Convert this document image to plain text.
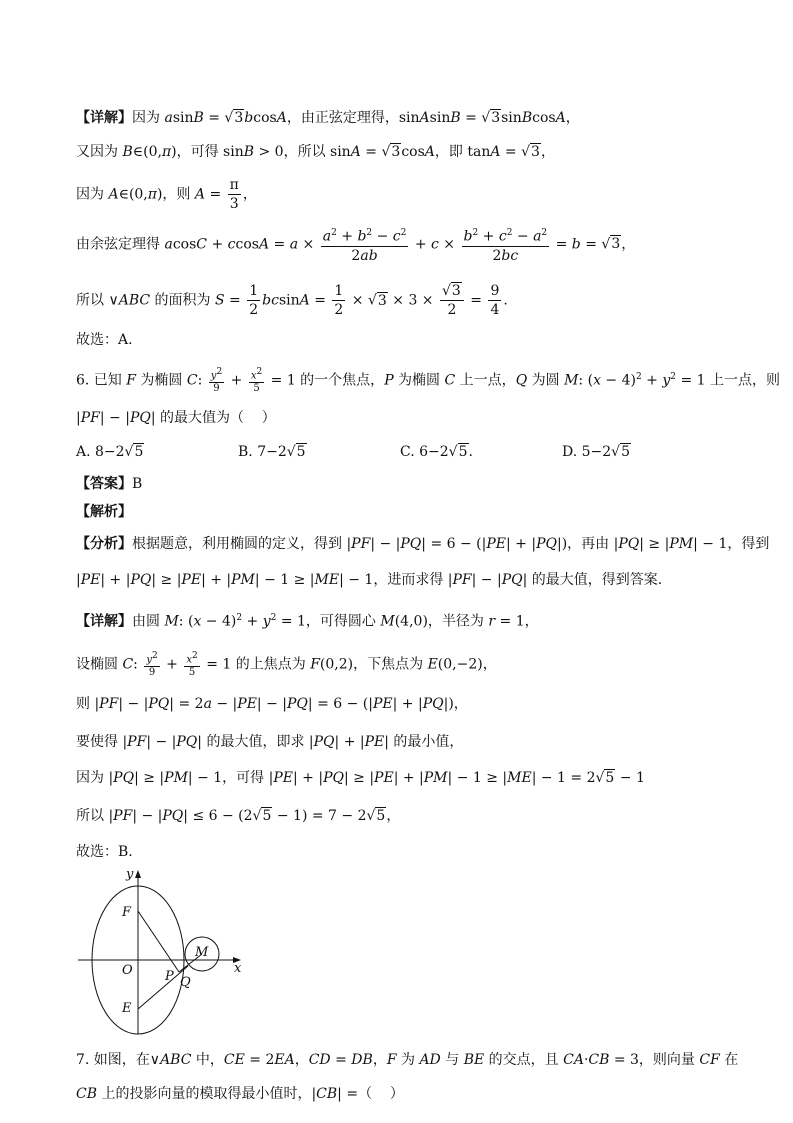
【详解】因为 asinB = √3bcosA，由正弦定理得，sinAsinB = √3sinBcosA，
又因为 B∈(0,π)，可得 sinB > 0，所以 sinA = √3cosA，即 tanA = √3，
因为 A∈(0,π)，则 $A = \frac{\pi}{3}$ ，
由余弦定理得 $acosC + ccosA = a \times \frac{a^2 + b^2 - c^2}{2ab} + c \times \frac{b^2 + c^2 - a^2}{2bc} = b = √3$，
所以 ∨ABC 的面积为 $S = \frac{1}{2}$ $bcsinA = \frac{1}{2} \times √3 \times 3 \times \frac{√3}{2} = \frac{9}{4}$ .
故选：A.
6. 已知 F 为椭圆 C: $\frac{y^2}{9} + \frac{x^2}{5} = 1$ 的一个焦点，P 为椭圆 C 上一点，Q 为圆 M: $(x - 4)^2 + y^2 = 1$ 上一点，则
|PF| − |PQ| 的最大值为（    ）
A. 8−2√5	B. 7−2√5	C. 6−2√5.	D. 5−2√5
【答案】B
【解析】
【分析】根据题意，利用椭圆的定义，得到 |PF| − |PQ| = 6 − (|PE| + |PQ|)，再由 |PQ| ≥ |PM| − 1，得到
|PE| + |PQ| ≥ |PE| + |PM| − 1 ≥ |ME| − 1，进而求得 |PF| − |PQ| 的最大值，得到答案.
【详解】由圆 M: $(x - 4)^2 + y^2 = 1$，可得圆心 M(4,0)，半径为 r = 1，
设椭圆 C: $\frac{y^2}{9} + \frac{x^2}{5} = 1$ 的上焦点为 F(0,2)，下焦点为 E(0,−2)，
则 |PF| − |PQ| = 2a − |PE| − |PQ| = 6 − (|PE| + |PQ|)，
要使得 |PF| − |PQ| 的最大值，即求 |PQ| + |PE| 的最小值，
因为 |PQ| ≥ |PM| − 1，可得 |PE| + |PQ| ≥ |PE| + |PM| − 1 ≥ |ME| − 1 = 2√5 − 1
所以 |PF| − |PQ| ≤ 6 − (2√5 − 1) = 7 − 2√5，
故选：B.
y
x
F
O
E
P Q
M
7. 如图，在∨ABC 中，CE = 2EA，CD = DB，F 为 AD 与 BE 的交点，且 CA·CB = 3，则向量 CF 在
CB 上的投影向量的模取得最小值时，|CB| =（    ）
